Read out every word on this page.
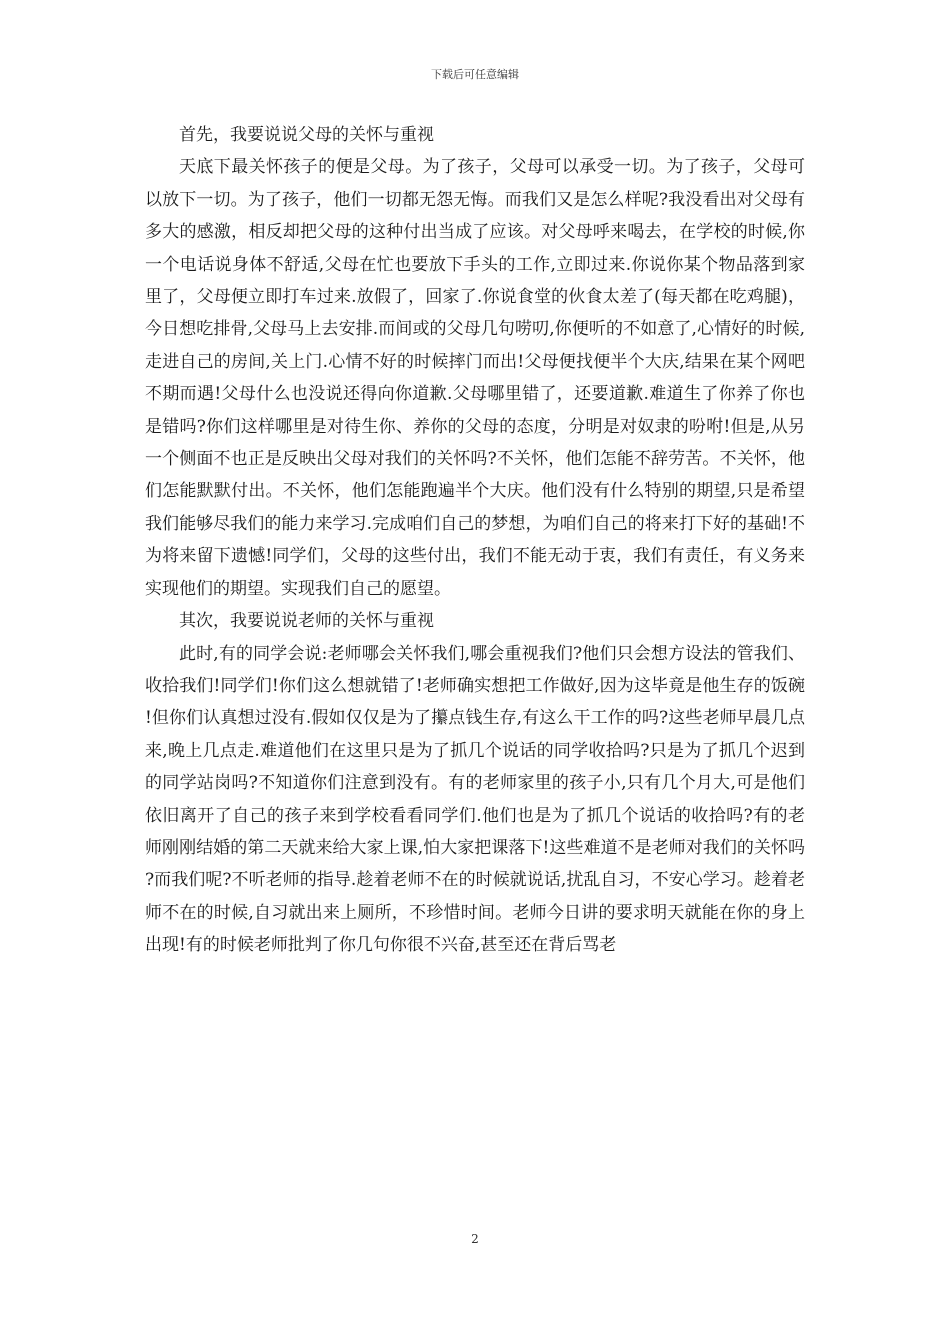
下载后可任意编辑

首先，我要说说父母的关怀与重视

天底下最关怀孩子的便是父母。为了孩子，父母可以承受一切。为了孩子，父母可以放下一切。为了孩子，他们一切都无怨无悔。而我们又是怎么样呢?我没看出对父母有多大的感激，相反却把父母的这种付出当成了应该。对父母呼来喝去，在学校的时候,你一个电话说身体不舒适,父母在忙也要放下手头的工作,立即过来.你说你某个物品落到家里了，父母便立即打车过来.放假了，回家了.你说食堂的伙食太差了(每天都在吃鸡腿)，今日想吃排骨,父母马上去安排.而间或的父母几句唠叨,你便听的不如意了,心情好的时候,走进自己的房间,关上门.心情不好的时候摔门而出!父母便找便半个大庆,结果在某个网吧不期而遇!父母什么也没说还得向你道歉.父母哪里错了，还要道歉.难道生了你养了你也是错吗?你们这样哪里是对待生你、养你的父母的态度，分明是对奴隶的吩咐!但是,从另一个侧面不也正是反映出父母对我们的关怀吗?不关怀，他们怎能不辞劳苦。不关怀，他们怎能默默付出。不关怀，他们怎能跑遍半个大庆。他们没有什么特别的期望,只是希望我们能够尽我们的能力来学习.完成咱们自己的梦想，为咱们自己的将来打下好的基础!不为将来留下遗憾!同学们，父母的这些付出，我们不能无动于衷，我们有责任，有义务来实现他们的期望。实现我们自己的愿望。

其次，我要说说老师的关怀与重视

此时,有的同学会说:老师哪会关怀我们,哪会重视我们?他们只会想方设法的管我们、收拾我们!同学们!你们这么想就错了!老师确实想把工作做好,因为这毕竟是他生存的饭碗!但你们认真想过没有.假如仅仅是为了攥点钱生存,有这么干工作的吗?这些老师早晨几点来,晚上几点走.难道他们在这里只是为了抓几个说话的同学收拾吗?只是为了抓几个迟到的同学站岗吗?不知道你们注意到没有。有的老师家里的孩子小,只有几个月大,可是他们依旧离开了自己的孩子来到学校看看同学们.他们也是为了抓几个说话的收拾吗?有的老师刚刚结婚的第二天就来给大家上课,怕大家把课落下!这些难道不是老师对我们的关怀吗?而我们呢?不听老师的指导.趁着老师不在的时候就说话,扰乱自习，不安心学习。趁着老师不在的时候,自习就出来上厕所，不珍惜时间。老师今日讲的要求明天就能在你的身上出现!有的时候老师批判了你几句你很不兴奋,甚至还在背后骂老

2
